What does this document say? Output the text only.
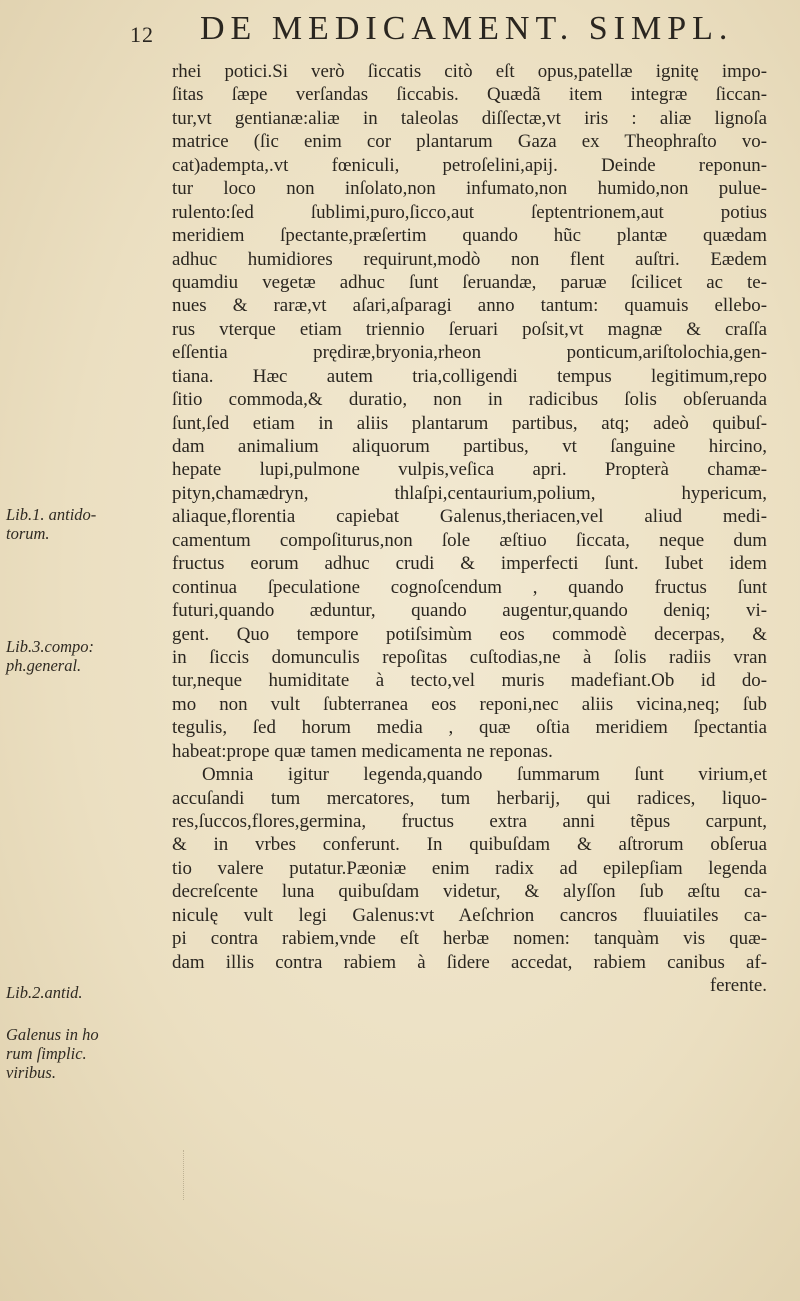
12 DE MEDICAMENT. SIMPL.
rhei potici.Si verò ſiccatis citò eſt opus,patellæ ignitę impo-
ſitas ſæpe verſandas ſiccabis. Quædã item integræ ſiccan-
tur,vt gentianæ:aliæ in taleolas diſſectæ,vt iris : aliæ lignoſa
matrice (ſic enim cor plantarum Gaza ex Theophraſto vo-
cat)adempta,.vt fœniculi, petroſelini,apij. Deinde reponun-
tur loco non inſolato,non infumato,non humido,non pulue-
rulento:ſed ſublimi,puro,ſicco,aut ſeptentrionem,aut potius
meridiem ſpectante,præſertim quando hũc plantæ quædam
adhuc humidiores requirunt,modò non flent auſtri. Eædem
quamdiu vegetæ adhuc ſunt ſeruandæ, paruæ ſcilicet ac te-
nues & raræ,vt aſari,aſparagi anno tantum: quamuis ellebo-
rus vterque etiam triennio ſeruari poſsit,vt magnæ & craſſa
eſſentia prędiræ,bryonia,rheon ponticum,ariſtolochia,gen-
tiana. Hæc autem tria,colligendi tempus legitimum,repo
ſitio commoda,& duratio, non in radicibus ſolis obſeruanda
ſunt,ſed etiam in aliis plantarum partibus, atq; adeò quibuſ-
dam animalium aliquorum partibus, vt ſanguine hircino,
hepate lupi,pulmone vulpis,veſica apri. Propterà chamæ-
pityn,chamædryn, thlaſpi,centaurium,polium, hypericum,
aliaque,florentia capiebat Galenus,theriacen,vel aliud medi-
camentum compoſiturus,non ſole æſtiuo ſiccata, neque dum
fructus eorum adhuc crudi & imperfecti ſunt. Iubet idem
continua ſpeculatione cognoſcendum , quando fructus ſunt
futuri,quando æduntur, quando augentur,quando deniq; vi-
gent. Quo tempore potiſsimùm eos commodè decerpas, &
in ſiccis domunculis repoſitas cuſtodias,ne à ſolis radiis vran
tur,neque humiditate à tecto,vel muris madefiant.Ob id do-
mo non vult ſubterranea eos reponi,nec aliis vicina,neq; ſub
tegulis, ſed horum media , quæ oſtia meridiem ſpectantia
habeat:prope quæ tamen medicamenta ne reponas.
Omnia igitur legenda,quando ſummarum ſunt virium,et
accuſandi tum mercatores, tum herbarij, qui radices, liquo-
res,ſuccos,flores,germina, fructus extra anni tẽpus carpunt,
& in vrbes conferunt. In quibuſdam & aſtrorum obſerua
tio valere putatur.Pæoniæ enim radix ad epilepſiam legenda
decreſcente luna quibuſdam videtur, & alyſſon ſub æſtu ca-
niculę vult legi Galenus:vt Aeſchrion cancros fluuiatiles ca-
pi contra rabiem,vnde eſt herbæ nomen: tanquàm vis quæ-
dam illis contra rabiem à ſidere accedat, rabiem canibus af-
ferente.
Lib.1. antido-
torum.
Lib.3.compo:
ph.general.
Lib.2.antid.
Galenus in ho
rum ſimplic.
viribus.
